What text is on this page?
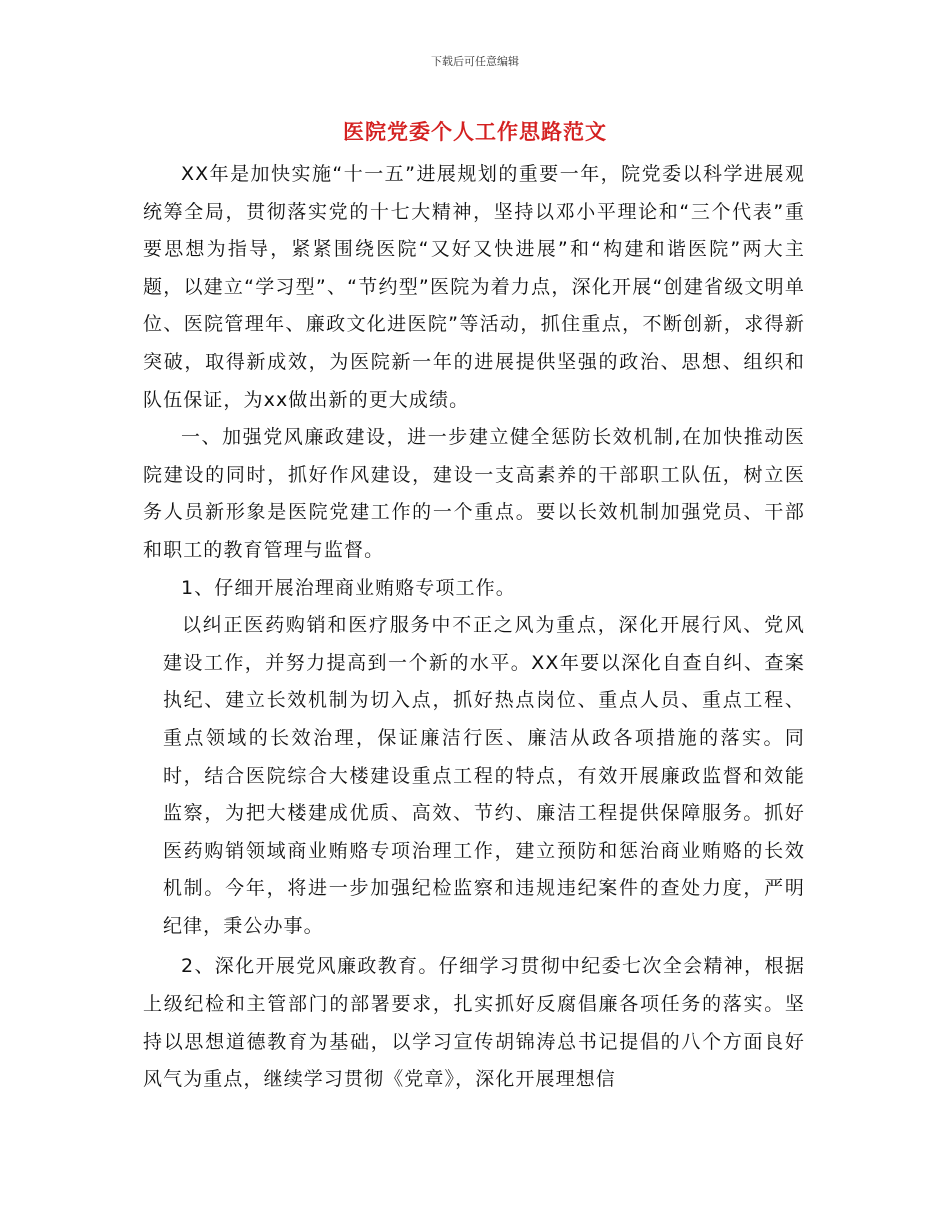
下载后可任意编辑
医院党委个人工作思路范文

XX年是加快实施“十一五”进展规划的重要一年，院党委以科学进展观统筹全局，贯彻落实党的十七大精神，坚持以邓小平理论和“三个代表”重要思想为指导，紧紧围绕医院“又好又快进展”和“构建和谐医院”两大主题，以建立“学习型”、“节约型”医院为着力点，深化开展“创建省级文明单位、医院管理年、廉政文化进医院”等活动，抓住重点，不断创新，求得新突破，取得新成效，为医院新一年的进展提供坚强的政治、思想、组织和队伍保证，为xx做出新的更大成绩。

一、加强党风廉政建设，进一步建立健全惩防长效机制,在加快推动医院建设的同时，抓好作风建设，建设一支高素养的干部职工队伍，树立医务人员新形象是医院党建工作的一个重点。要以长效机制加强党员、干部和职工的教育管理与监督。

1、仔细开展治理商业贿赂专项工作。

以纠正医药购销和医疗服务中不正之风为重点，深化开展行风、党风建设工作，并努力提高到一个新的水平。XX年要以深化自查自纠、查案执纪、建立长效机制为切入点，抓好热点岗位、重点人员、重点工程、重点领域的长效治理，保证廉洁行医、廉洁从政各项措施的落实。同时，结合医院综合大楼建设重点工程的特点，有效开展廉政监督和效能监察，为把大楼建成优质、高效、节约、廉洁工程提供保障服务。抓好医药购销领域商业贿赂专项治理工作，建立预防和惩治商业贿赂的长效机制。今年，将进一步加强纪检监察和违规违纪案件的查处力度，严明纪律，秉公办事。

2、深化开展党风廉政教育。仔细学习贯彻中纪委七次全会精神，根据上级纪检和主管部门的部署要求，扎实抓好反腐倡廉各项任务的落实。坚持以思想道德教育为基础，以学习宣传胡锦涛总书记提倡的八个方面良好风气为重点，继续学习贯彻《党章》，深化开展理想信
